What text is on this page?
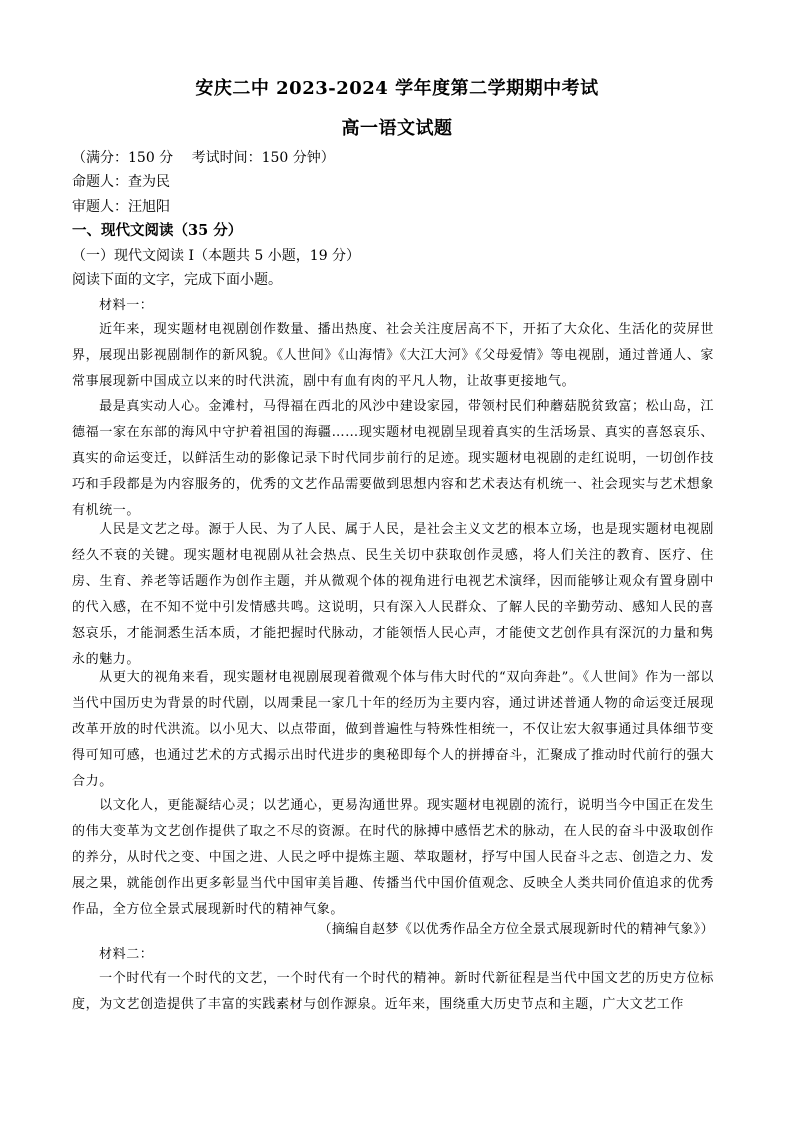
安庆二中 2023-2024 学年度第二学期期中考试
高一语文试题
（满分：150 分　 考试时间：150 分钟）
命题人：查为民
审题人：汪旭阳
一、现代文阅读（35 分）
（一）现代文阅读 I（本题共 5 小题，19 分）
阅读下面的文字，完成下面小题。
材料一：
近年来，现实题材电视剧创作数量、播出热度、社会关注度居高不下，开拓了大众化、生活化的荧屏世界，展现出影视剧制作的新风貌。《人世间》《山海情》《大江大河》《父母爱情》等电视剧，通过普通人、家常事展现新中国成立以来的时代洪流，剧中有血有肉的平凡人物，让故事更接地气。
最是真实动人心。金滩村，马得福在西北的风沙中建设家园，带领村民们种蘑菇脱贫致富；松山岛，江德福一家在东部的海风中守护着祖国的海疆……现实题材电视剧呈现着真实的生活场景、真实的喜怒哀乐、真实的命运变迁，以鲜活生动的影像记录下时代同步前行的足迹。现实题材电视剧的走红说明，一切创作技巧和手段都是为内容服务的，优秀的文艺作品需要做到思想内容和艺术表达有机统一、社会现实与艺术想象有机统一。
人民是文艺之母。源于人民、为了人民、属于人民，是社会主义文艺的根本立场，也是现实题材电视剧经久不衰的关键。现实题材电视剧从社会热点、民生关切中获取创作灵感，将人们关注的教育、医疗、住房、生育、养老等话题作为创作主题，并从微观个体的视角进行电视艺术演绎，因而能够让观众有置身剧中的代入感，在不知不觉中引发情感共鸣。这说明，只有深入人民群众、了解人民的辛勤劳动、感知人民的喜怒哀乐，才能洞悉生活本质，才能把握时代脉动，才能领悟人民心声，才能使文艺创作具有深沉的力量和隽永的魅力。
从更大的视角来看，现实题材电视剧展现着微观个体与伟大时代的“双向奔赴”。《人世间》作为一部以当代中国历史为背景的时代剧，以周秉昆一家几十年的经历为主要内容，通过讲述普通人物的命运变迁展现改革开放的时代洪流。以小见大、以点带面，做到普遍性与特殊性相统一，不仅让宏大叙事通过具体细节变得可知可感，也通过艺术的方式揭示出时代进步的奥秘即每个人的拼搏奋斗，汇聚成了推动时代前行的强大合力。
以文化人，更能凝结心灵；以艺通心，更易沟通世界。现实题材电视剧的流行，说明当今中国正在发生的伟大变革为文艺创作提供了取之不尽的资源。在时代的脉搏中感悟艺术的脉动，在人民的奋斗中汲取创作的养分，从时代之变、中国之进、人民之呼中提炼主题、萃取题材，抒写中国人民奋斗之志、创造之力、发展之果，就能创作出更多彰显当代中国审美旨趣、传播当代中国价值观念、反映全人类共同价值追求的优秀作品，全方位全景式展现新时代的精神气象。
（摘编自赵梦《以优秀作品全方位全景式展现新时代的精神气象》）
材料二：
一个时代有一个时代的文艺，一个时代有一个时代的精神。新时代新征程是当代中国文艺的历史方位标度，为文艺创造提供了丰富的实践素材与创作源泉。近年来，围绕重大历史节点和主题，广大文艺工作
